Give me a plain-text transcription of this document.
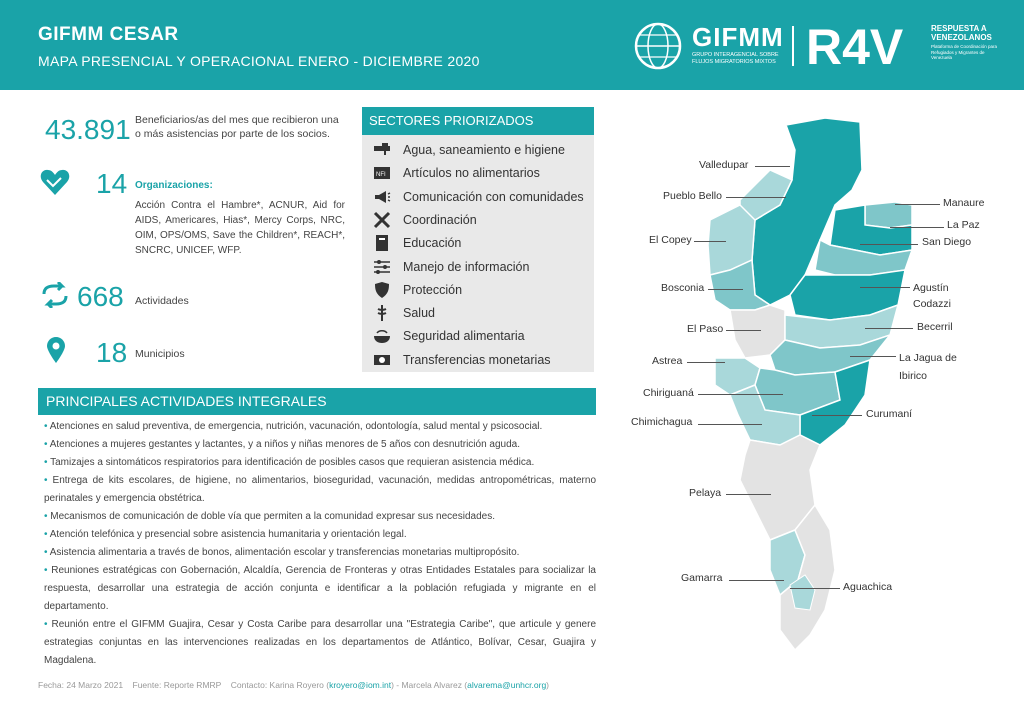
GIFMM CESAR
MAPA PRESENCIAL Y OPERACIONAL ENERO - DICIEMBRE 2020
GIFMM
GRUPO INTERAGENCIAL SOBRE FLUJOS MIGRATORIOS MIXTOS R4V	RESPUESTA A VENEZOLANOS
Plataforma de Coordinación para Refugiados y Migrantes de Venezuela
43.891 Beneficiarios/as del mes que recibieron una o más asistencias por parte de los socios.
14 Organizaciones:
Acción Contra el Hambre*, ACNUR, Aid for AIDS, Americares, Hias*, Mercy Corps, NRC, OIM, OPS/OMS, Save the Children*, REACH*, SNCRC, UNICEF, WFP.
668 Actividades
18 Municipios
SECTORES PRIORIZADOS
Agua, saneamiento e higiene
NFI Artículos no alimentarios
Comunicación con comunidades
Coordinación
Educación
Manejo de información
Protección
Salud
Seguridad alimentaria
Transferencias monetarias
PRINCIPALES ACTIVIDADES INTEGRALES
• Atenciones en salud preventiva, de emergencia, nutrición, vacunación, odontología, salud mental y psicosocial.
• Atenciones a mujeres gestantes y lactantes, y a niños y niñas menores de 5 años con desnutrición aguda.
• Tamizajes a sintomáticos respiratorios para identificación de posibles casos que requieran asistencia médica.
• Entrega de kits escolares, de higiene, no alimentarios, bioseguridad, vacunación, medidas antropométricas, materno perinatales y emergencia obstétrica.
• Mecanismos de comunicación de doble vía que permiten a la comunidad expresar sus necesidades.
• Atención telefónica y presencial sobre asistencia humanitaria y orientación legal.
• Asistencia alimentaria a través de bonos, alimentación escolar y transferencias monetarias multipropósito.
• Reuniones estratégicas con Gobernación, Alcaldía, Gerencia de Fronteras y otras Entidades Estatales para socializar la respuesta, desarrollar una estrategia de acción conjunta e identificar a la población refugiada y migrante en el departamento.
• Reunión entre el GIFMM Guajira, Cesar y Costa Caribe para desarrollar una "Estrategia Caribe", que articule y genere estrategias conjuntas en las intervenciones realizadas en los departamentos de Atlántico, Bolívar, Cesar, Guajira y Magdalena.
Fecha: 24 Marzo 2021 Fuente: Reporte RMRP Contacto: Karina Royero (kroyero@iom.int) - Marcela Alvarez (alvarema@unhcr.org)
Valledupar
Pueblo Bello
El Copey
Bosconia
El Paso
Astrea
Chiriguaná
Chimichagua
Pelaya
Gamarra
Manaure
La Paz
San Diego
Agustín Codazzi
Becerril
La Jagua de Ibirico
Curumaní
Aguachica
